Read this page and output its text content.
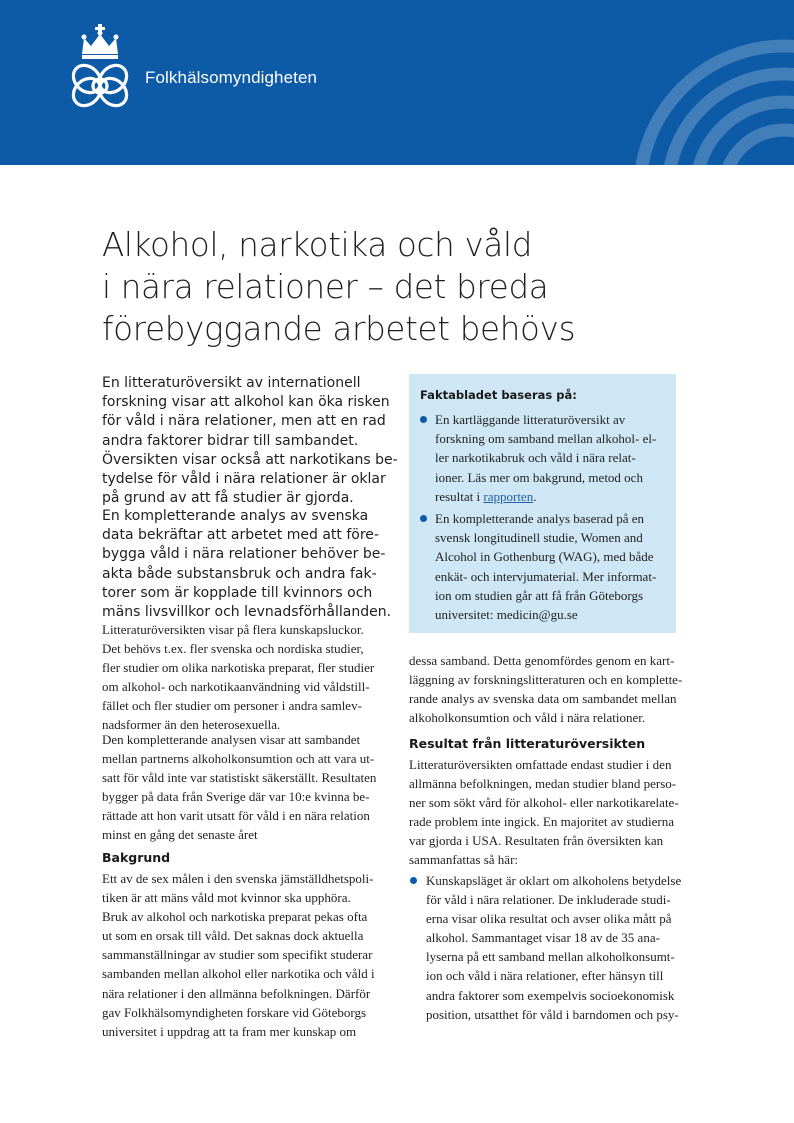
Folkhälsomyndigheten
Alkohol, narkotika och våld
i nära relationer – det breda
förebyggande arbetet behövs
En litteraturöversikt av internationell
forskning visar att alkohol kan öka risken
för våld i nära relationer, men att en rad
andra faktorer bidrar till sambandet.
Översikten visar också att narkotikans be-
tydelse för våld i nära relationer är oklar
på grund av att få studier är gjorda.
En kompletterande analys av svenska
data bekräftar att arbetet med att före-
bygga våld i nära relationer behöver be-
akta både substansbruk och andra fak-
torer som är kopplade till kvinnors och
mäns livsvillkor och levnadsförhållanden.
Litteraturöversikten visar på flera kunskapsluckor.
Det behövs t.ex. fler svenska och nordiska studier,
fler studier om olika narkotiska preparat, fler studier
om alkohol- och narkotikaanvändning vid våldstill-
fället och fler studier om personer i andra samlev-
nadsformer än den heterosexuella.
Den kompletterande analysen visar att sambandet
mellan partnerns alkoholkonsumtion och att vara ut-
satt för våld inte var statistiskt säkerställt. Resultaten
bygger på data från Sverige där var 10:e kvinna be-
rättade att hon varit utsatt för våld i en nära relation
minst en gång det senaste året
Bakgrund
Ett av de sex målen i den svenska jämställdhetspoli-
tiken är att mäns våld mot kvinnor ska upphöra.
Bruk av alkohol och narkotiska preparat pekas ofta
ut som en orsak till våld. Det saknas dock aktuella
sammanställningar av studier som specifikt studerar
sambanden mellan alkohol eller narkotika och våld i
nära relationer i den allmänna befolkningen. Därför
gav Folkhälsomyndigheten forskare vid Göteborgs
universitet i uppdrag att ta fram mer kunskap om
Faktabladet baseras på:
En kartläggande litteraturöversikt av
forskning om samband mellan alkohol- el-
ler narkotikabruk och våld i nära relat-
ioner. Läs mer om bakgrund, metod och
resultat i rapporten.
En kompletterande analys baserad på en
svensk longitudinell studie, Women and
Alcohol in Gothenburg (WAG), med både
enkät- och intervjumaterial. Mer informat-
ion om studien går att få från Göteborgs
universitet: medicin@gu.se
dessa samband. Detta genomfördes genom en kart-
läggning av forskningslitteraturen och en komplette-
rande analys av svenska data om sambandet mellan
alkoholkonsumtion och våld i nära relationer.
Resultat från litteraturöversikten
Litteraturöversikten omfattade endast studier i den
allmänna befolkningen, medan studier bland perso-
ner som sökt vård för alkohol- eller narkotikarelate-
rade problem inte ingick. En majoritet av studierna
var gjorda i USA. Resultaten från översikten kan
sammanfattas så här:
Kunskapsläget är oklart om alkoholens betydelse
för våld i nära relationer. De inkluderade studi-
erna visar olika resultat och avser olika mått på
alkohol. Sammantaget visar 18 av de 35 ana-
lyserna på ett samband mellan alkoholkonsumt-
ion och våld i nära relationer, efter hänsyn till
andra faktorer som exempelvis socioekonomisk
position, utsatthet för våld i barndomen och psy-
